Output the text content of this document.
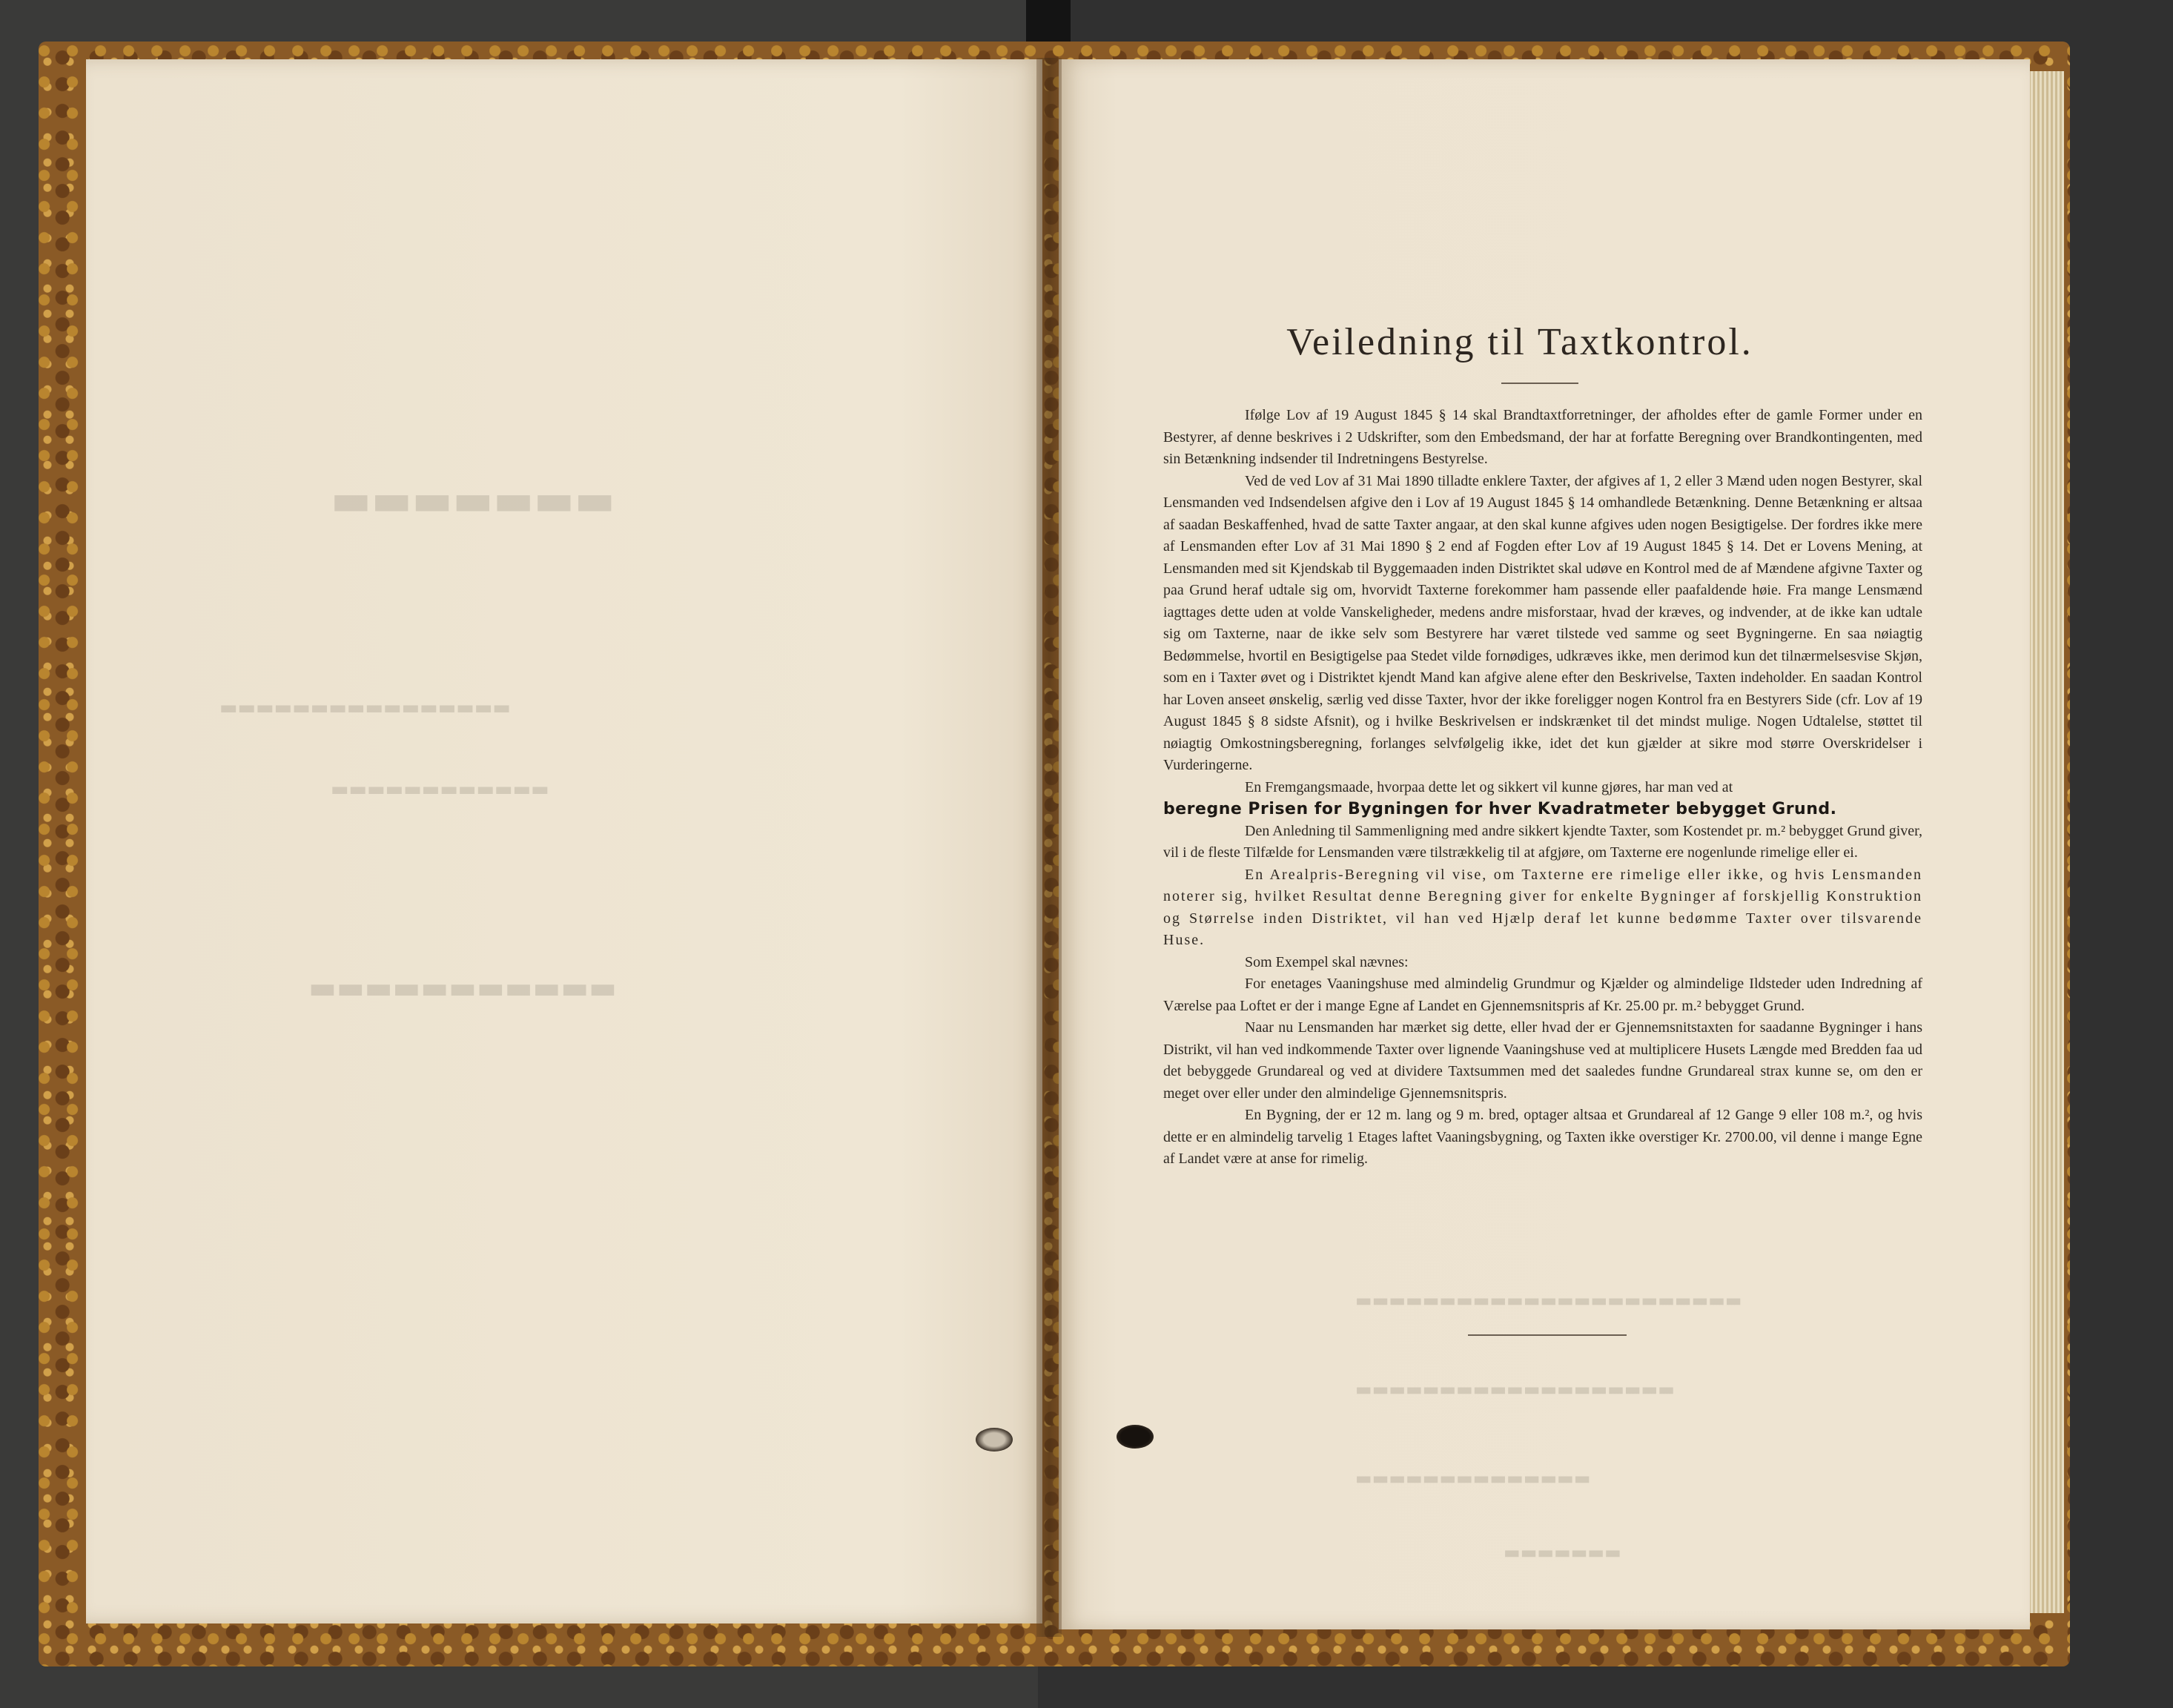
▬▬▬▬▬▬▬
▬▬▬▬▬▬▬▬▬▬▬▬▬▬▬▬
▬▬▬▬▬▬▬▬▬▬▬▬
▬▬▬▬▬▬▬▬▬▬▬
▬▬▬▬▬▬▬▬▬▬▬▬▬▬▬▬▬▬▬▬▬▬▬
▬▬▬▬▬▬▬▬▬▬▬▬▬▬▬▬▬▬▬
▬▬▬▬▬▬▬▬▬▬▬▬▬▬
▬▬▬▬▬▬▬
Veiledning til Taxtkontrol.

Ifølge Lov af 19 August 1845 § 14 skal Brandtaxtforretninger, der afholdes efter de gamle Former under en Bestyrer, af denne beskrives i 2 Udskrifter, som den Embedsmand, der har at forfatte Beregning over Brandkontingenten, med sin Betænkning indsender til Indretningens Bestyrelse.

Ved de ved Lov af 31 Mai 1890 tilladte enklere Taxter, der afgives af 1, 2 eller 3 Mænd uden nogen Bestyrer, skal Lensmanden ved Indsendelsen afgive den i Lov af 19 August 1845 § 14 omhandlede Betænkning. Denne Betænkning er altsaa af saadan Beskaffenhed, hvad de satte Taxter angaar, at den skal kunne afgives uden nogen Besigtigelse. Der fordres ikke mere af Lensmanden efter Lov af 31 Mai 1890 § 2 end af Fogden efter Lov af 19 August 1845 § 14. Det er Lovens Mening, at Lensmanden med sit Kjendskab til Byggemaaden inden Distriktet skal udøve en Kontrol med de af Mændene afgivne Taxter og paa Grund heraf udtale sig om, hvorvidt Taxterne forekommer ham passende eller paafaldende høie. Fra mange Lensmænd iagttages dette uden at volde Vanskeligheder, medens andre misforstaar, hvad der kræves, og indvender, at de ikke kan udtale sig om Taxterne, naar de ikke selv som Bestyrere har været tilstede ved samme og seet Bygningerne. En saa nøiagtig Bedømmelse, hvortil en Besigtigelse paa Stedet vilde fornødiges, udkræves ikke, men derimod kun det tilnærmelsesvise Skjøn, som en i Taxter øvet og i Distriktet kjendt Mand kan afgive alene efter den Beskrivelse, Taxten indeholder. En saadan Kontrol har Loven anseet ønskelig, særlig ved disse Taxter, hvor der ikke foreligger nogen Kontrol fra en Bestyrers Side (cfr. Lov af 19 August 1845 § 8 sidste Afsnit), og i hvilke Beskrivelsen er indskrænket til det mindst mulige. Nogen Udtalelse, støttet til nøiagtig Omkostningsberegning, forlanges selvfølgelig ikke, idet det kun gjælder at sikre mod større Overskridelser i Vurderingerne.

En Fremgangsmaade, hvorpaa dette let og sikkert vil kunne gjøres, har man ved at

beregne Prisen for Bygningen for hver Kvadratmeter bebygget Grund.

Den Anledning til Sammenligning med andre sikkert kjendte Taxter, som Kostendet pr. m.² bebygget Grund giver, vil i de fleste Tilfælde for Lensmanden være tilstrækkelig til at afgjøre, om Taxterne ere nogenlunde rimelige eller ei.

En Arealpris-Beregning vil vise, om Taxterne ere rimelige eller ikke, og hvis Lensmanden noterer sig, hvilket Resultat denne Beregning giver for enkelte Bygninger af forskjellig Konstruktion og Størrelse inden Distriktet, vil han ved Hjælp deraf let kunne bedømme Taxter over tilsvarende Huse.

Som Exempel skal nævnes:

For enetages Vaaningshuse med almindelig Grundmur og Kjælder og almindelige Ildsteder uden Indredning af Værelse paa Loftet er der i mange Egne af Landet en Gjennemsnitspris af Kr. 25.00 pr. m.² bebygget Grund.

Naar nu Lensmanden har mærket sig dette, eller hvad der er Gjennemsnitstaxten for saadanne Bygninger i hans Distrikt, vil han ved indkommende Taxter over lignende Vaaningshuse ved at multiplicere Husets Længde med Bredden faa ud det bebyggede Grundareal og ved at dividere Taxtsummen med det saaledes fundne Grundareal strax kunne se, om den er meget over eller under den almindelige Gjennemsnitspris.

En Bygning, der er 12 m. lang og 9 m. bred, optager altsaa et Grundareal af 12 Gange 9 eller 108 m.², og hvis dette er en almindelig tarvelig 1 Etages laftet Vaaningsbygning, og Taxten ikke overstiger Kr. 2700.00, vil denne i mange Egne af Landet være at anse for rimelig.
